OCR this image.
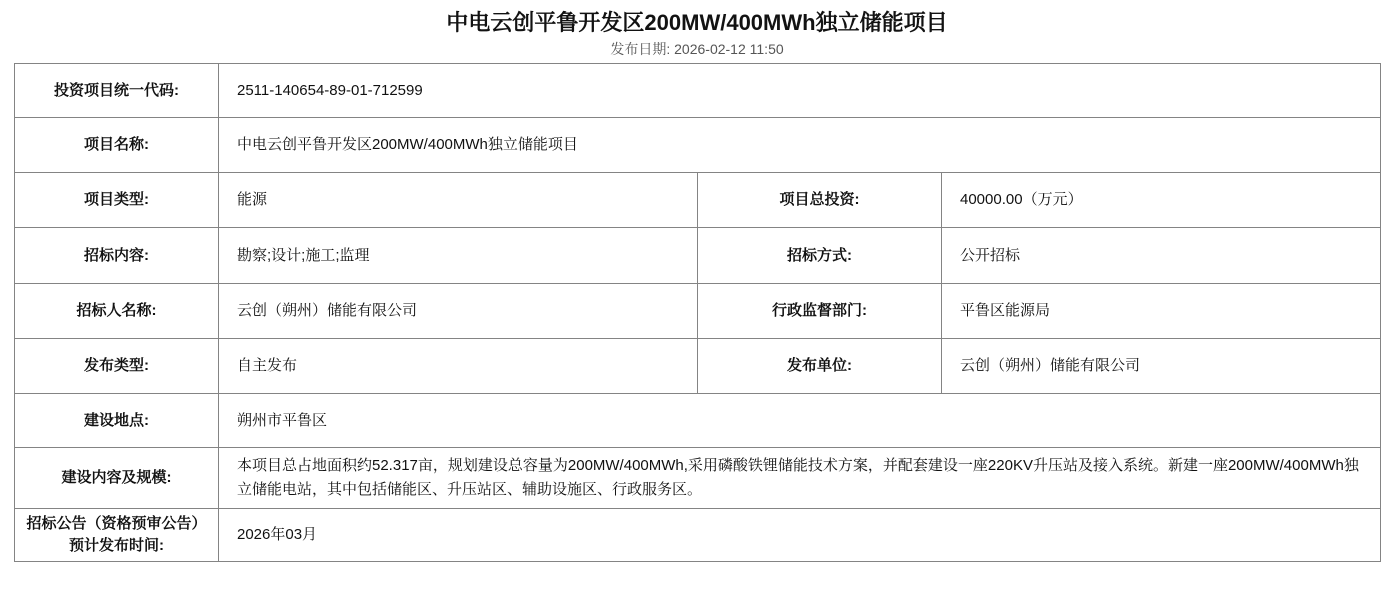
中电云创平鲁开发区200MW/400MWh独立储能项目
发布日期: 2026-02-12 11:50
投资项目统一代码:	2511-140654-89-01-712599		
项目名称:	中电云创平鲁开发区200MW/400MWh独立储能项目		
项目类型:	能源	项目总投资:	40000.00（万元）
招标内容:	勘察;设计;施工;监理	招标方式:	公开招标
招标人名称:	云创（朔州）储能有限公司	行政监督部门:	平鲁区能源局
发布类型:	自主发布	发布单位:	云创（朔州）储能有限公司
建设地点:	朔州市平鲁区		
建设内容及规模:	本项目总占地面积约52.317亩，规划建设总容量为200MW/400MWh,采用磷酸铁锂储能技术方案，并配套建设一座220KV升压站及接入系统。新建一座200MW/400MWh独立储能电站，其中包括储能区、升压站区、辅助设施区、行政服务区。		
招标公告（资格预审公告）
预计发布时间:	2026年03月		
